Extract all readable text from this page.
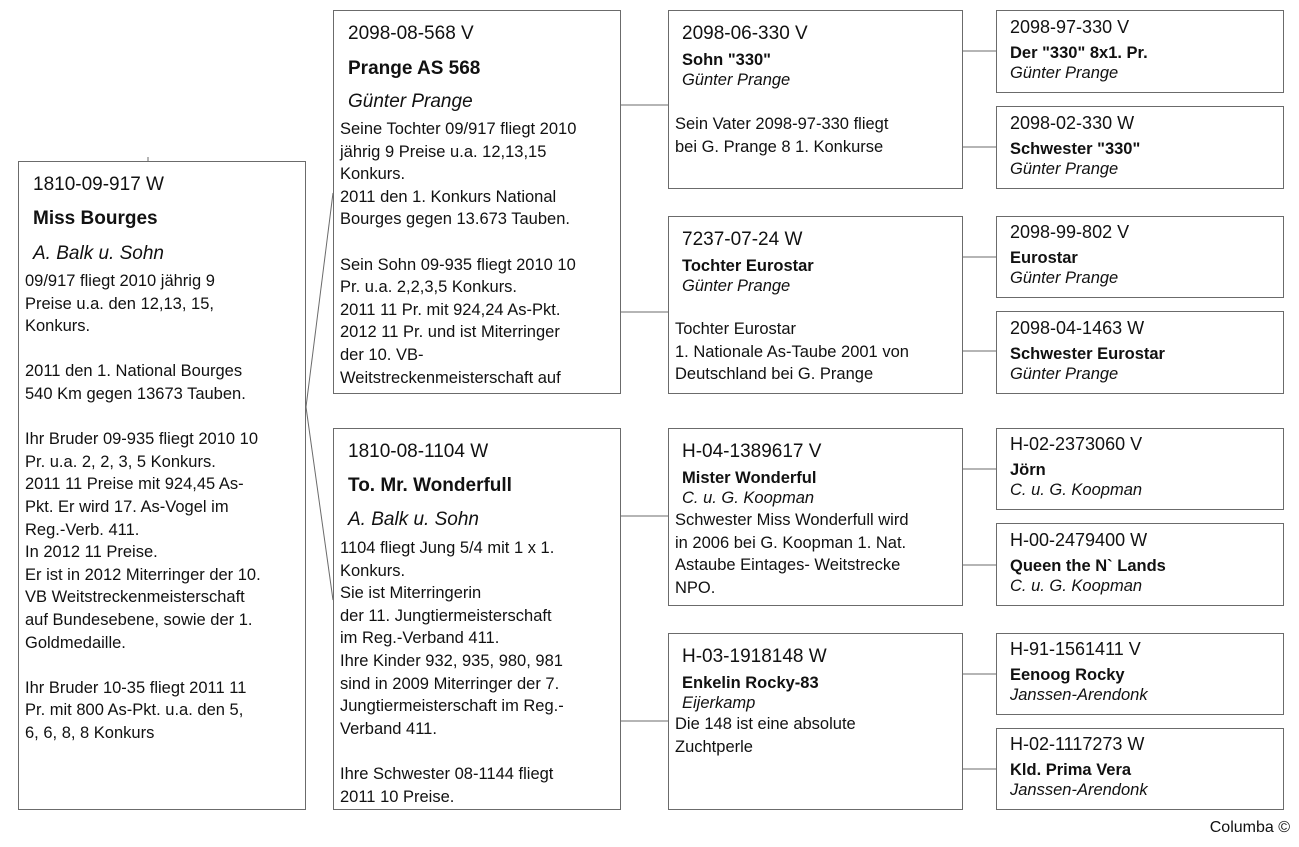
1810-09-917 W
Miss Bourges
A. Balk u. Sohn
09/917 fliegt 2010 jährig 9
Preise u.a. den 12,13, 15,
Konkurs.

2011 den 1. National Bourges
540 Km gegen 13673 Tauben.

Ihr Bruder 09-935 fliegt 2010 10
Pr. u.a. 2, 2, 3, 5 Konkurs.
2011 11 Preise mit 924,45 As-
Pkt. Er wird 17. As-Vogel im
Reg.-Verb. 411.
In 2012 11 Preise.
Er ist in 2012 Miterringer der 10.
VB Weitstreckenmeisterschaft
auf Bundesebene, sowie der 1.
Goldmedaille.

Ihr Bruder 10-35 fliegt 2011 11
Pr. mit 800 As-Pkt. u.a. den 5,
6, 6, 8, 8 Konkurs
2098-08-568 V
Prange AS 568
Günter Prange
Seine Tochter 09/917 fliegt 2010
jährig 9 Preise u.a. 12,13,15
Konkurs.
2011 den 1. Konkurs National
Bourges gegen 13.673 Tauben.

Sein Sohn 09-935 fliegt 2010 10
Pr. u.a. 2,2,3,5 Konkurs.
2011 11 Pr. mit 924,24 As-Pkt.
2012 11 Pr. und ist Miterringer
der 10. VB-
Weitstreckenmeisterschaft auf
1810-08-1104 W
To. Mr. Wonderfull
A. Balk u. Sohn
1104 fliegt Jung 5/4 mit 1 x 1.
Konkurs.
Sie ist Miterringerin
der 11. Jungtiermeisterschaft
im Reg.-Verband 411.
Ihre Kinder 932, 935, 980, 981
sind in 2009 Miterringer der 7.
Jungtiermeisterschaft im Reg.-
Verband 411.

Ihre Schwester 08-1144 fliegt
2011 10 Preise.
2098-06-330 V
Sohn "330"
Günter Prange
Sein Vater 2098-97-330 fliegt
bei G. Prange 8 1. Konkurse
7237-07-24 W
Tochter Eurostar
Günter Prange
Tochter Eurostar
1. Nationale As-Taube 2001 von
Deutschland bei G. Prange
H-04-1389617 V
Mister Wonderful
C. u. G. Koopman
Schwester Miss Wonderfull wird
in 2006 bei G. Koopman 1. Nat.
Astaube Eintages- Weitstrecke
NPO.
H-03-1918148 W
Enkelin Rocky-83
Eijerkamp
Die 148 ist eine absolute
Zuchtperle
2098-97-330 V
Der "330" 8x1. Pr.
Günter Prange
2098-02-330 W
Schwester "330"
Günter Prange
2098-99-802 V
Eurostar
Günter Prange
2098-04-1463 W
Schwester Eurostar
Günter Prange
H-02-2373060 V
Jörn
C. u. G. Koopman
H-00-2479400 W
Queen the N` Lands
C. u. G. Koopman
H-91-1561411 V
Eenoog Rocky
Janssen-Arendonk
H-02-1117273 W
Kld. Prima Vera
Janssen-Arendonk
Columba ©
